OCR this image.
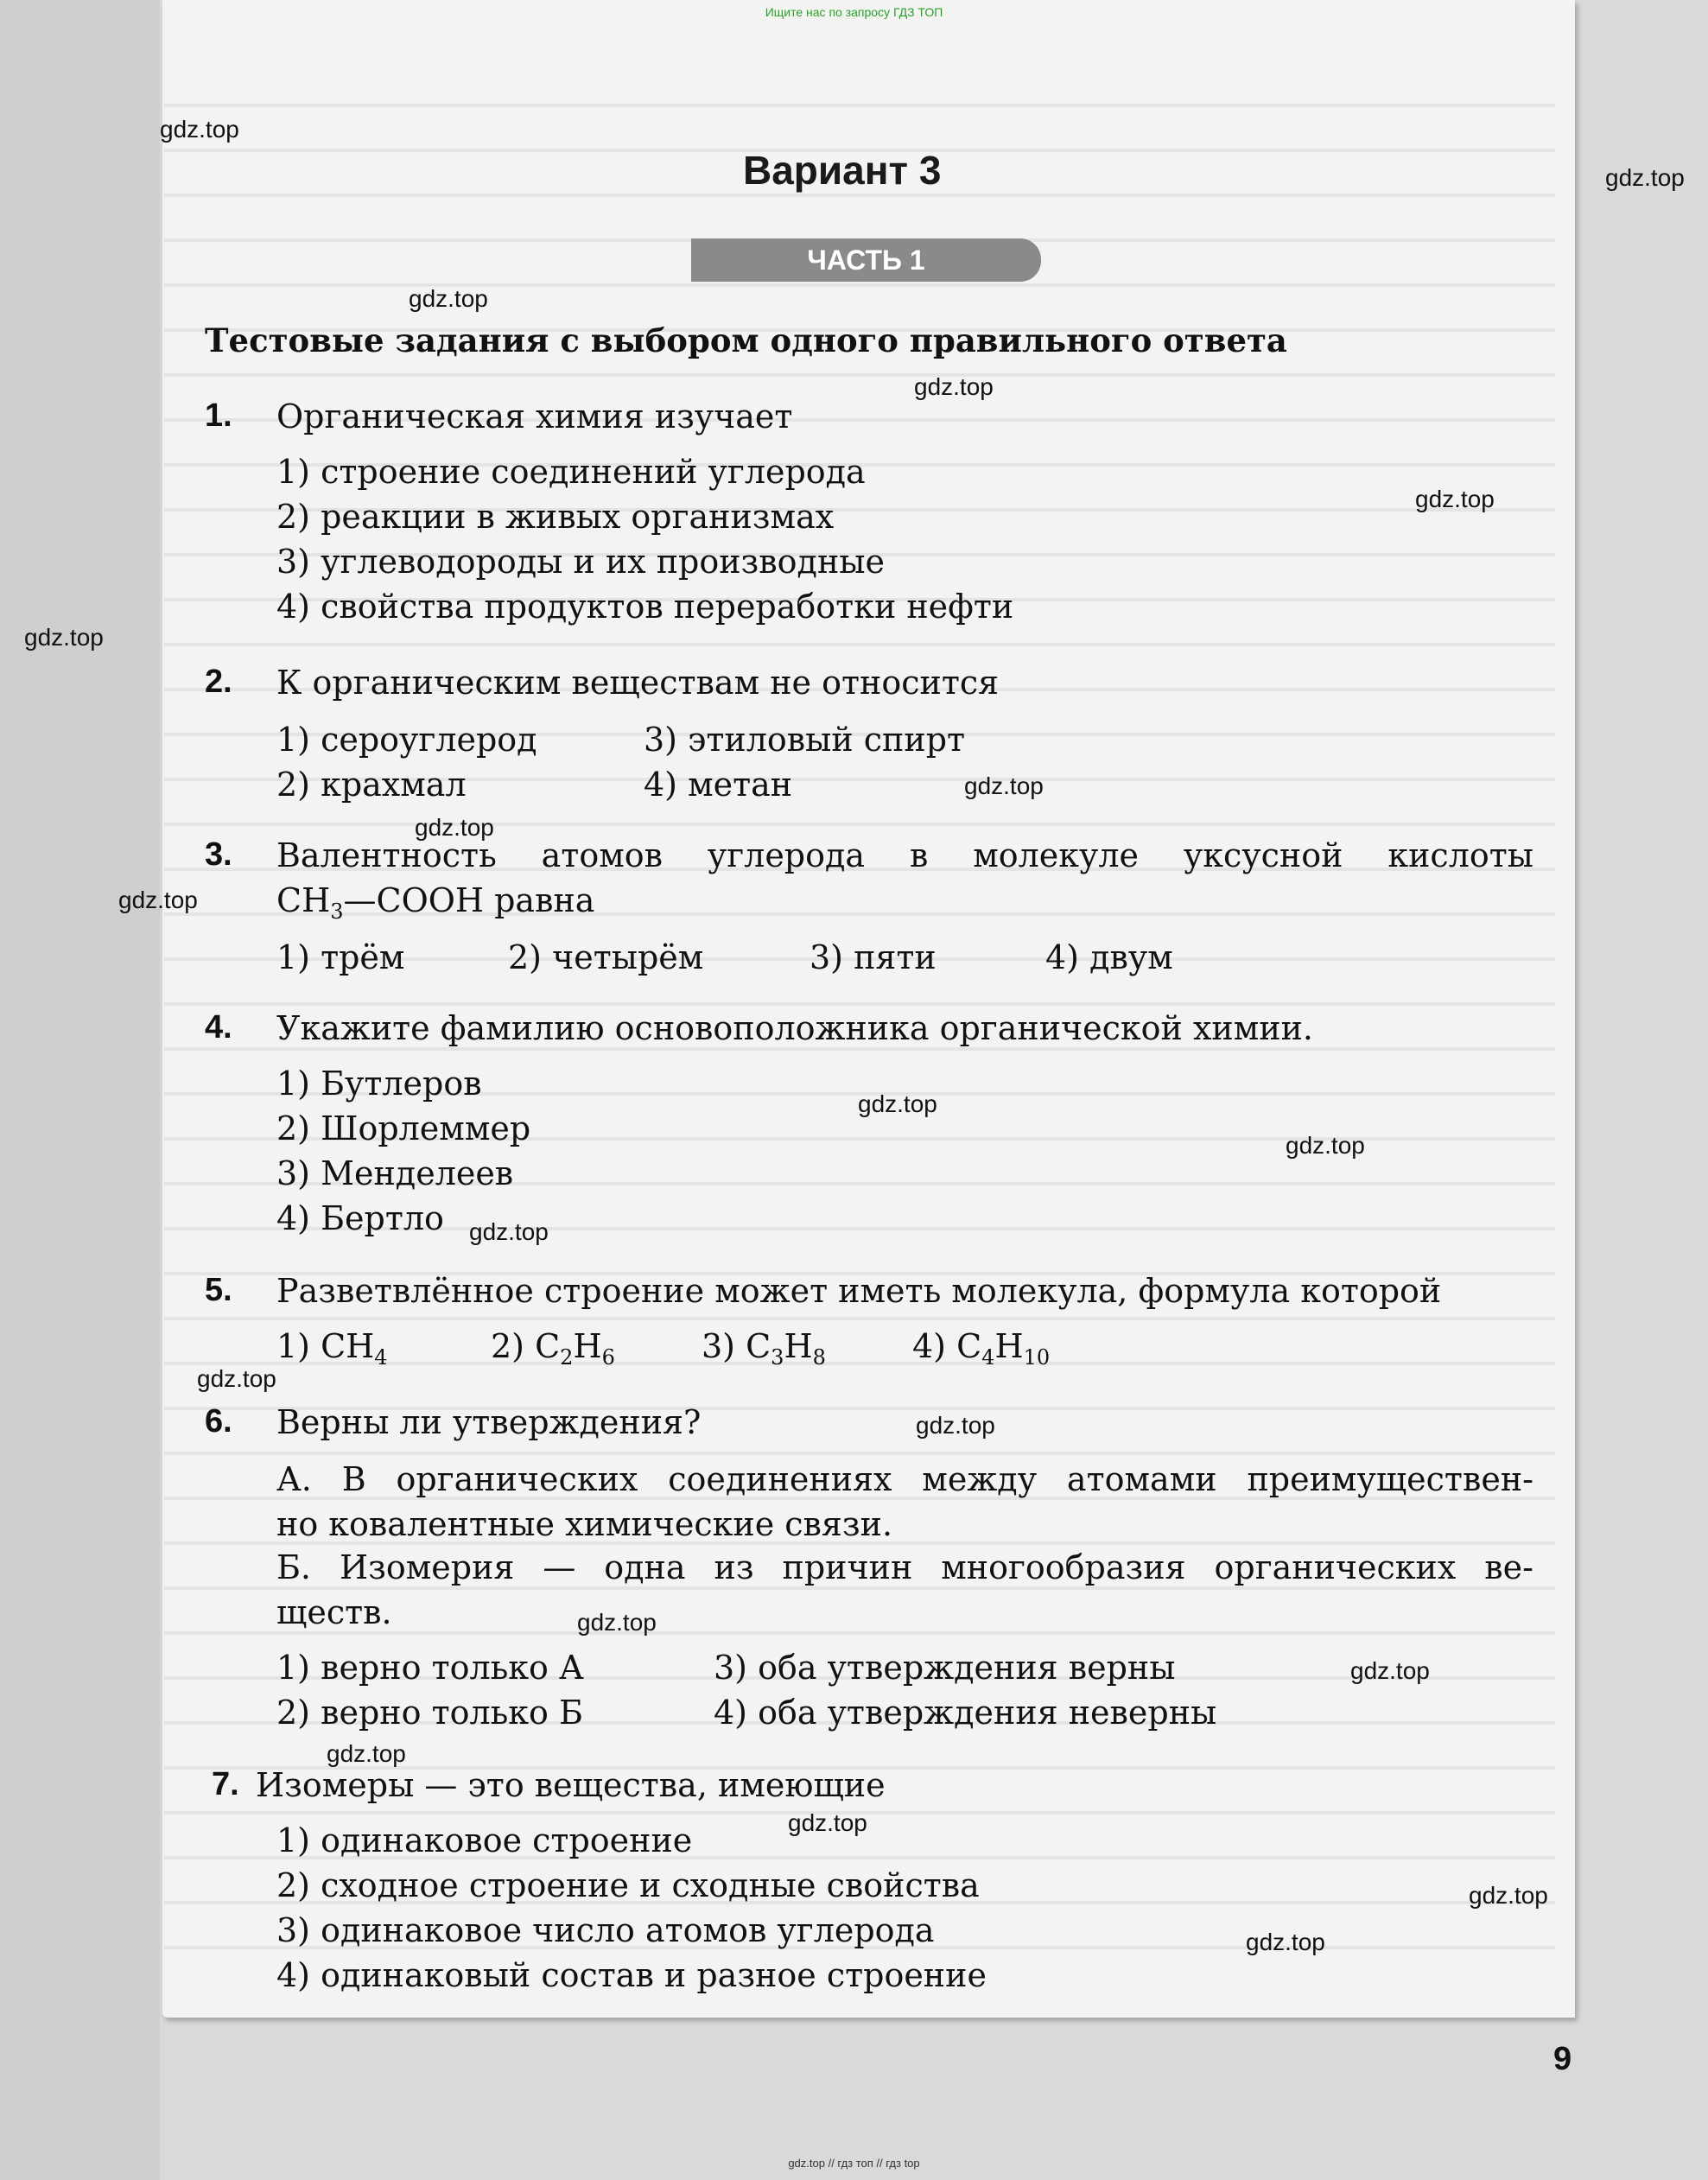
Ищите нас по запросу ГДЗ ТОП
Вариант 3
ЧАСТЬ 1
Тестовые задания с выбором одного правильного ответа
1. Органическая химия изучает
1) строение соединений углерода
2) реакции в живых организмах
3) углеводороды и их производные
4) свойства продуктов переработки нефти
2. К органическим веществам не относится
1) сероуглерод	3) этиловый спирт
2) крахмал	4) метан
3. Валентность атомов углерода в молекуле уксусной кислоты
$CH_3—COOH$ равна
1) трём	2) четырём	3) пяти	4) двум
4. Укажите фамилию основоположника органической химии.
1) Бутлеров
2) Шорлеммер
3) Менделеев
4) Бертло
5. Разветвлённое строение может иметь молекула, формула которой
1) $CH_4$	2) $C_2H_6$	3) $C_3H_8$	4) $C_4H_{10}$
6. Верны ли утверждения?
А. В органических соединениях между атомами преимуществен-
но ковалентные химические связи.
Б. Изомерия — одна из причин многообразия органических ве-
ществ.
1) верно только А	3) оба утверждения верны
2) верно только Б	4) оба утверждения неверны
7. Изомеры — это вещества, имеющие
1) одинаковое строение
2) сходное строение и сходные свойства
3) одинаковое число атомов углерода
4) одинаковый состав и разное строение
gdz.top
gdz.top
gdz.top
gdz.top
gdz.top
gdz.top
gdz.top
gdz.top
gdz.top
gdz.top
gdz.top
gdz.top
gdz.top
gdz.top
gdz.top
gdz.top
gdz.top
gdz.top
gdz.top
gdz.top
9
gdz.top // гдз топ // гдз top
